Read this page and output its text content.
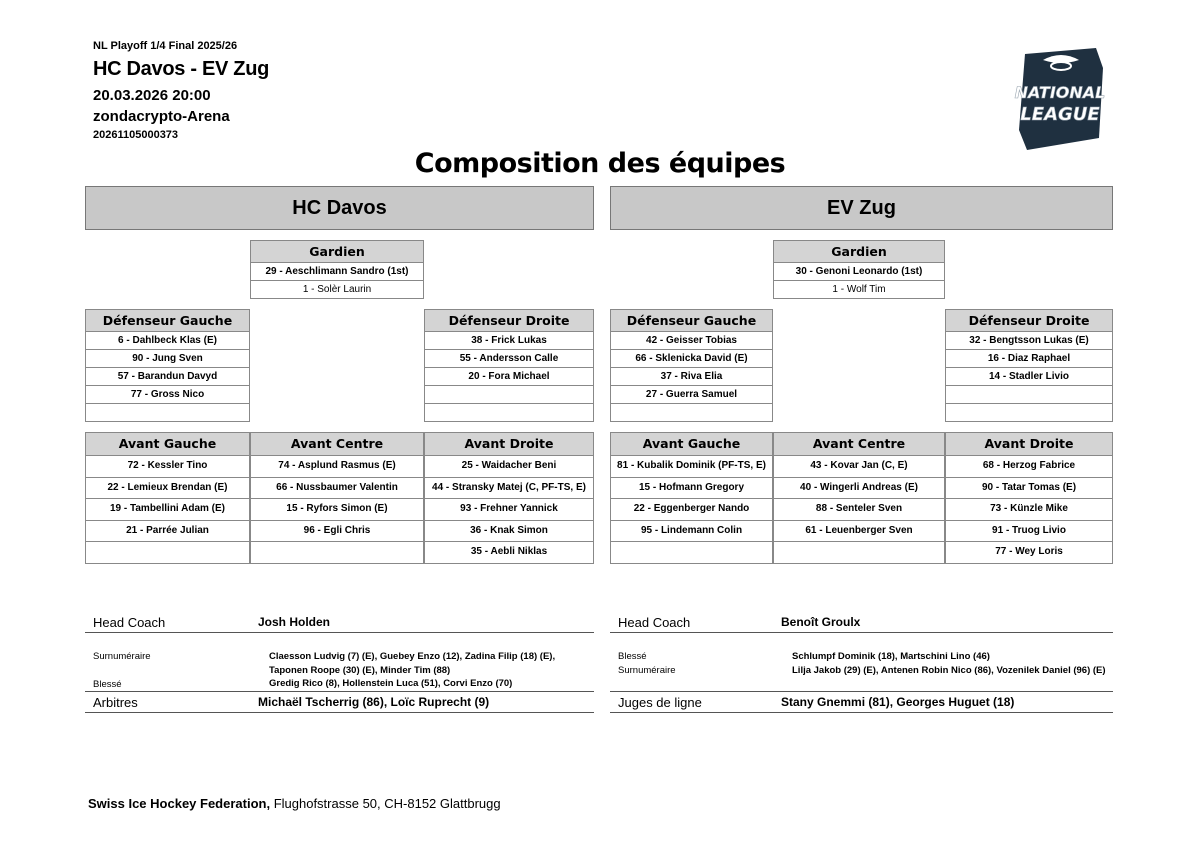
NL Playoff 1/4 Final 2025/26
HC Davos - EV Zug
20.03.2026 20:00
zondacrypto-Arena
20261105000373
NATIONAL
LEAGUE
Composition des équipes
HC Davos	EV Zug
Gardien
29 - Aeschlimann Sandro (1st)
1 - Solèr Laurin
Gardien
30 - Genoni Leonardo (1st)
1 - Wolf Tim
Défenseur Gauche
6 - Dahlbeck Klas (E)
90 - Jung Sven
57 - Barandun Davyd
77 - Gross Nico
Défenseur Droite
38 - Frick Lukas
55 - Andersson Calle
20 - Fora Michael
Défenseur Gauche
42 - Geisser Tobias
66 - Sklenicka David (E)
37 - Riva Elia
27 - Guerra Samuel
Défenseur Droite
32 - Bengtsson Lukas (E)
16 - Diaz Raphael
14 - Stadler Livio
Avant Gauche
72 - Kessler Tino
22 - Lemieux Brendan (E)
19 - Tambellini Adam (E)
21 - Parrée Julian
Avant Centre
74 - Asplund Rasmus (E)
66 - Nussbaumer Valentin
15 - Ryfors Simon (E)
96 - Egli Chris
Avant Droite
25 - Waidacher Beni
44 - Stransky Matej (C, PF-TS, E)
93 - Frehner Yannick
36 - Knak Simon
35 - Aebli Niklas
Avant Gauche
81 - Kubalik Dominik (PF-TS, E)
15 - Hofmann Gregory
22 - Eggenberger Nando
95 - Lindemann Colin
Avant Centre
43 - Kovar Jan (C, E)
40 - Wingerli Andreas (E)
88 - Senteler Sven
61 - Leuenberger Sven
Avant Droite
68 - Herzog Fabrice
90 - Tatar Tomas (E)
73 - Künzle Mike
91 - Truog Livio
77 - Wey Loris
Head Coach	Josh Holden
Surnuméraire	Claesson Ludvig (7) (E), Guebey Enzo (12), Zadina Filip (18) (E), Taponen Roope (30) (E), Minder Tim (88)
Blessé	Gredig Rico (8), Hollenstein Luca (51), Corvi Enzo (70)
Arbitres	Michaël Tscherrig (86), Loïc Ruprecht (9)
Head Coach	Benoît Groulx
Blessé	Schlumpf Dominik (18), Martschini Lino (46)
Surnuméraire	Lilja Jakob (29) (E), Antenen Robin Nico (86), Vozenilek Daniel (96) (E)
Juges de ligne	Stany Gnemmi (81), Georges Huguet (18)
Swiss Ice Hockey Federation, Flughofstrasse 50, CH-8152 Glattbrugg
